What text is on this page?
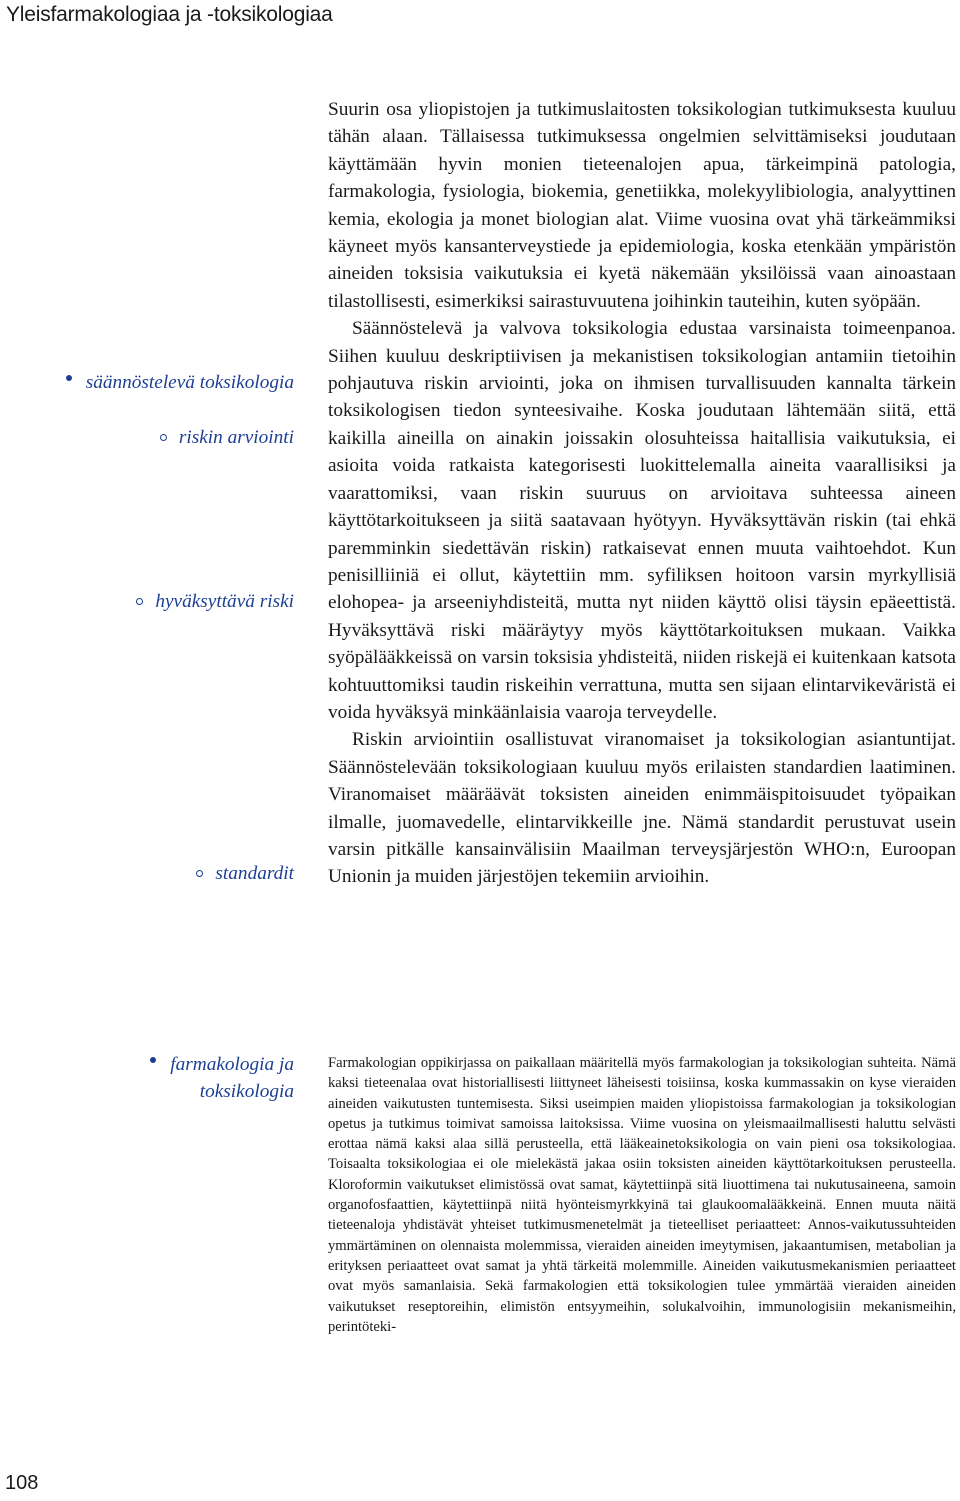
Yleisfarmakologiaa ja -toksikologiaa
säännöstelevä toksikologia
riskin arviointi
hyväksyttävä riski
standardit
farmakologia ja
toksikologia

Suurin osa yliopistojen ja tutkimuslaitosten toksikologian tutkimuksesta kuuluu tähän alaan. Tällaisessa tutkimuksessa ongelmien selvittämiseksi joudutaan käyttämään hyvin monien tieteenalojen apua, tärkeimpinä patologia, farmakologia, fysiologia, biokemia, genetiikka, molekyylibiologia, analyyttinen kemia, ekologia ja monet biologian alat. Viime vuosina ovat yhä tärkeämmiksi käyneet myös kansanterveystiede ja epidemiologia, koska etenkään ympäristön aineiden toksisia vaikutuksia ei kyetä näkemään yksilöissä vaan ainoastaan tilastollisesti, esimerkiksi sairastuvuutena joihinkin tauteihin, kuten syöpään.

Säännöstelevä ja valvova toksikologia edustaa varsinaista toimeenpanoa. Siihen kuuluu deskriptiivisen ja mekanistisen toksikologian antamiin tietoihin pohjautuva riskin arviointi, joka on ihmisen turvallisuuden kannalta tärkein toksikologisen tiedon synteesivaihe. Koska joudutaan lähtemään siitä, että kaikilla aineilla on ainakin joissakin olosuhteissa haitallisia vaikutuksia, ei asioita voida ratkaista kategorisesti luokittelemalla aineita vaarallisiksi ja vaarattomiksi, vaan riskin suuruus on arvioitava suhteessa aineen käyttötarkoitukseen ja siitä saatavaan hyötyyn. Hyväksyttävän riskin (tai ehkä paremminkin siedettävän riskin) ratkaisevat ennen muuta vaihtoehdot. Kun penisilliiniä ei ollut, käytettiin mm. syfiliksen hoitoon varsin myrkyllisiä elohopea- ja arseeniyhdisteitä, mutta nyt niiden käyttö olisi täysin epäeettistä. Hyväksyttävä riski määräytyy myös käyttötarkoituksen mukaan. Vaikka syöpälääkkeissä on varsin toksisia yhdisteitä, niiden riskejä ei kuitenkaan katsota kohtuuttomiksi taudin riskeihin verrattuna, mutta sen sijaan elintarvikeväristä ei voida hyväksyä minkäänlaisia vaaroja terveydelle.

Riskin arviointiin osallistuvat viranomaiset ja toksikologian asiantuntijat. Säännöstelevään toksikologiaan kuuluu myös erilaisten standardien laatiminen. Viranomaiset määräävät toksisten aineiden enimmäispitoisuudet työpaikan ilmalle, juomavedelle, elintarvikkeille jne. Nämä standardit perustuvat usein varsin pitkälle kansainvälisiin Maailman terveysjärjestön WHO:n, Euroopan Unionin ja muiden järjestöjen tekemiin arvioihin.

Farmakologian oppikirjassa on paikallaan määritellä myös farmakologian ja toksikologian suhteita. Nämä kaksi tieteenalaa ovat historiallisesti liittyneet läheisesti toisiinsa, koska kummassakin on kyse vieraiden aineiden vaikutusten tuntemisesta. Siksi useimpien maiden yliopistoissa farmakologian ja toksikologian opetus ja tutkimus toimivat samoissa laitoksissa. Viime vuosina on yleismaailmallisesti haluttu selvästi erottaa nämä kaksi alaa sillä perusteella, että lääkeainetoksikologia on vain pieni osa toksikologiaa. Toisaalta toksikologiaa ei ole mielekästä jakaa osiin toksisten aineiden käyttötarkoituksen perusteella. Kloroformin vaikutukset elimistössä ovat samat, käytettiinpä sitä liuottimena tai nukutusaineena, samoin organofosfaattien, käytettiinpä niitä hyönteismyrkkyinä tai glaukoomalääkkeinä. Ennen muuta näitä tieteenaloja yhdistävät yhteiset tutkimusmenetelmät ja tieteelliset periaatteet: Annos-vaikutussuhteiden ymmärtäminen on olennaista molemmissa, vieraiden aineiden imeytymisen, jakaantumisen, metabolian ja erityksen periaatteet ovat samat ja yhtä tärkeitä molemmille. Aineiden vaikutusmekanismien periaatteet ovat myös samanlaisia. Sekä farmakologien että toksikologien tulee ymmärtää vieraiden aineiden vaikutukset reseptoreihin, elimistön entsyymeihin, solukalvoihin, immunologisiin mekanismeihin, perintöteki-

108
